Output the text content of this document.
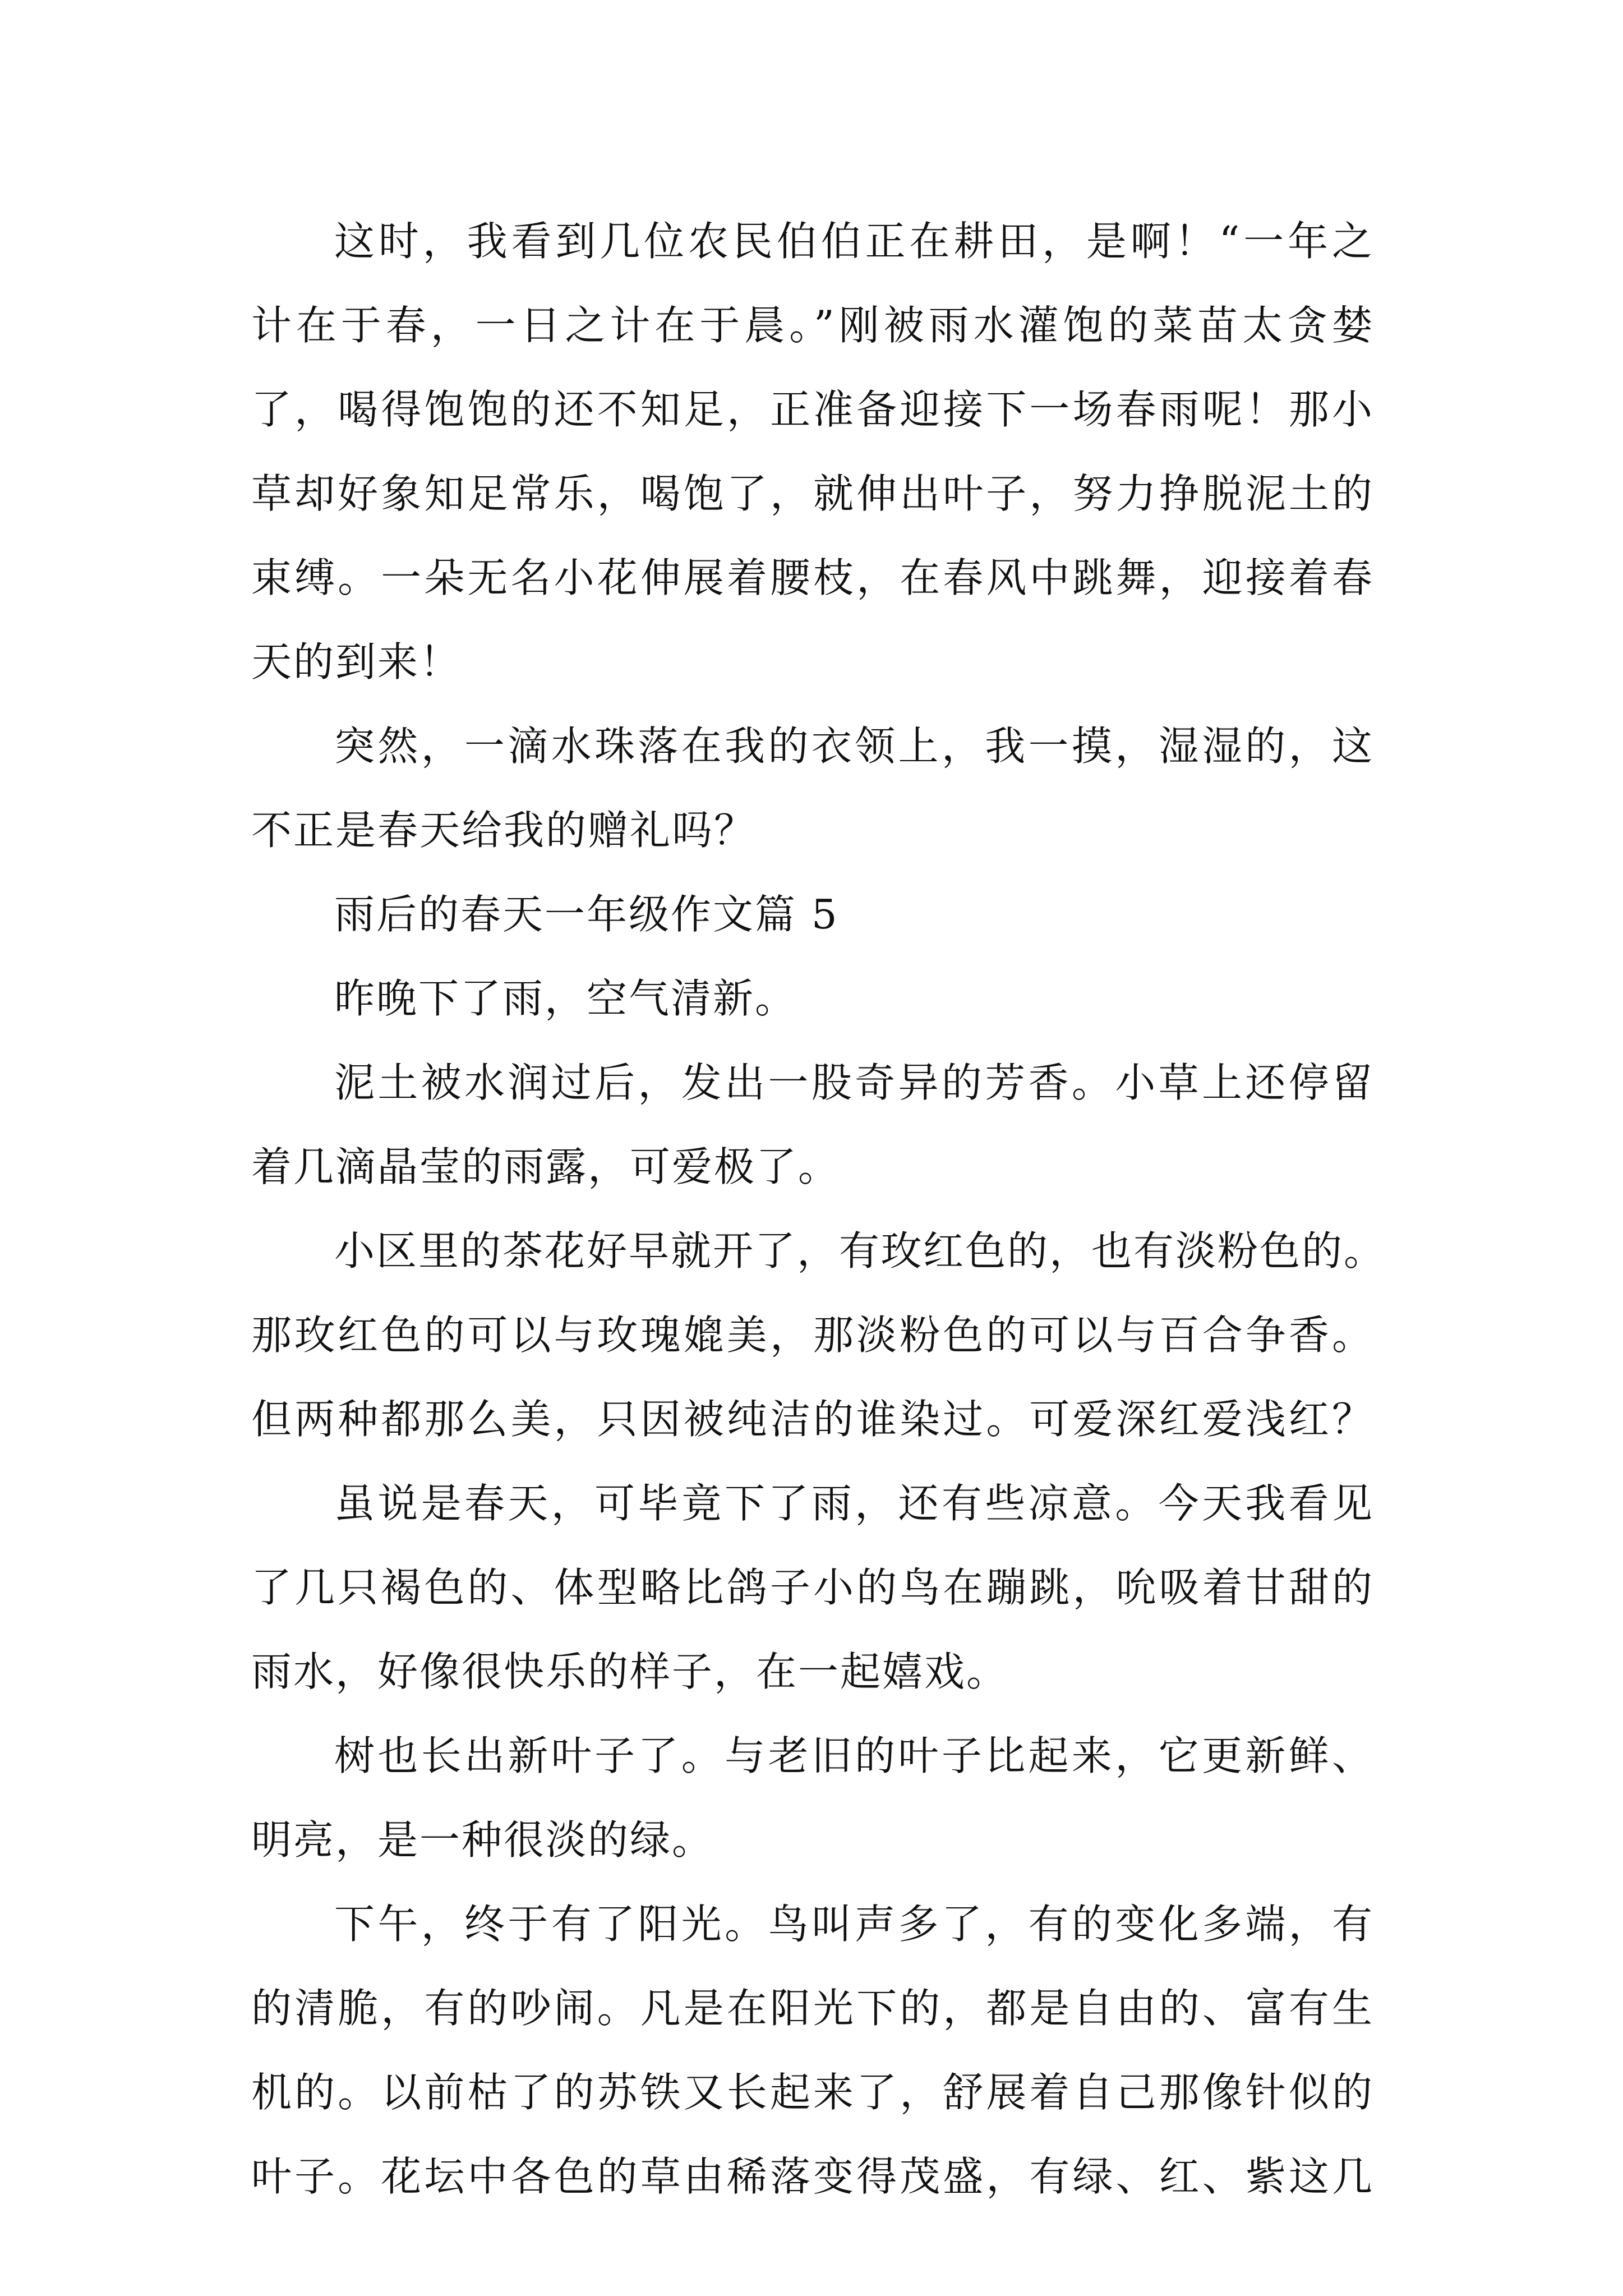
这时，我看到几位农民伯伯正在耕田，是啊！“一年之
计在于春，一日之计在于晨。”刚被雨水灌饱的菜苗太贪婪
了，喝得饱饱的还不知足，正准备迎接下一场春雨呢！那小
草却好象知足常乐，喝饱了，就伸出叶子，努力挣脱泥土的
束缚。一朵无名小花伸展着腰枝，在春风中跳舞，迎接着春
天的到来！
突然，一滴水珠落在我的衣领上，我一摸，湿湿的，这
不正是春天给我的赠礼吗？
雨后的春天一年级作文篇 5
昨晚下了雨，空气清新。
泥土被水润过后，发出一股奇异的芳香。小草上还停留
着几滴晶莹的雨露，可爱极了。
小区里的茶花好早就开了，有玫红色的，也有淡粉色的。
那玫红色的可以与玫瑰媲美，那淡粉色的可以与百合争香。
但两种都那么美，只因被纯洁的谁染过。可爱深红爱浅红？
虽说是春天，可毕竟下了雨，还有些凉意。今天我看见
了几只褐色的、体型略比鸽子小的鸟在蹦跳，吮吸着甘甜的
雨水，好像很快乐的样子，在一起嬉戏。
树也长出新叶子了。与老旧的叶子比起来，它更新鲜、
明亮，是一种很淡的绿。
下午，终于有了阳光。鸟叫声多了，有的变化多端，有
的清脆，有的吵闹。凡是在阳光下的，都是自由的、富有生
机的。以前枯了的苏铁又长起来了，舒展着自己那像针似的
叶子。花坛中各色的草由稀落变得茂盛，有绿、红、紫这几
